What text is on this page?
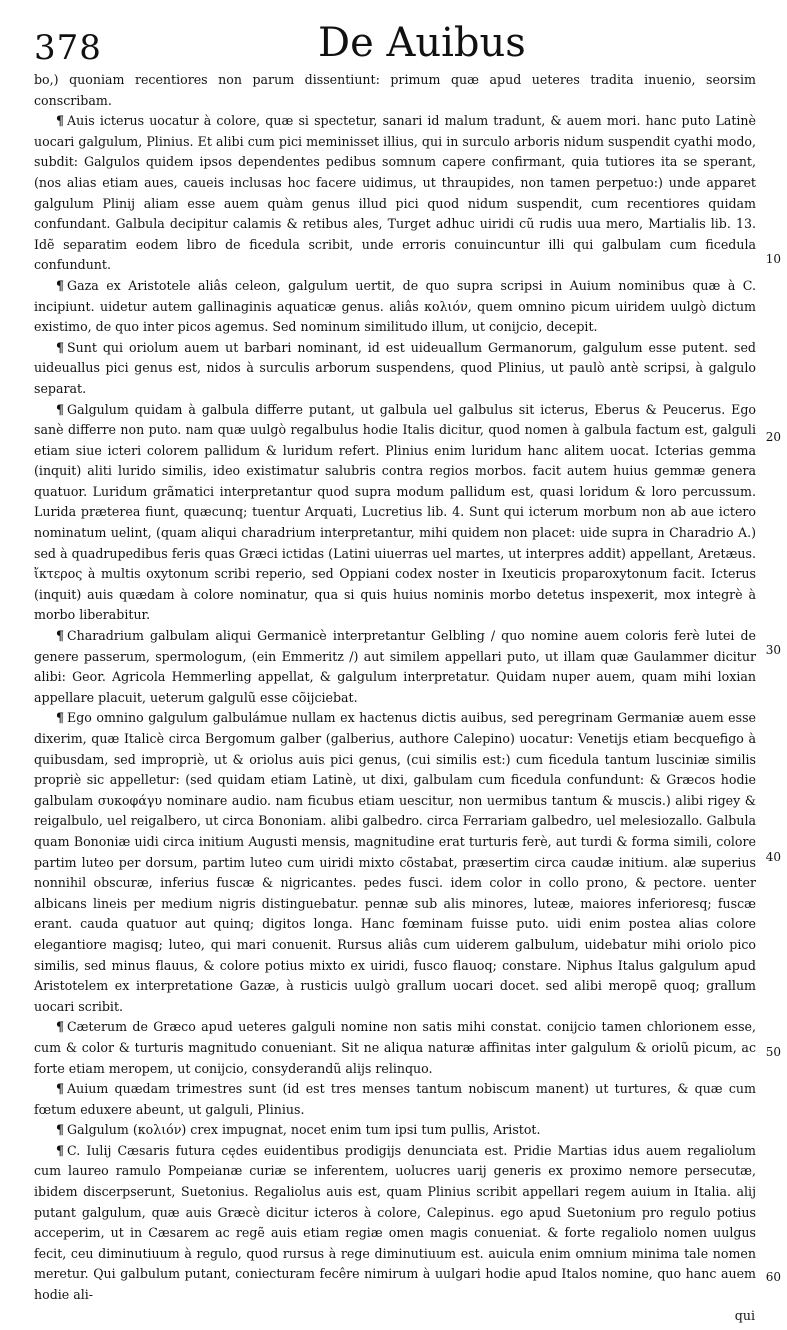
378	De Auibus

bo,) quoniam recentiores non parum dissentiunt: primum quæ apud ueteres tradita inuenio, seorsim conscribam.

¶ Auis icterus uocatur à colore, quæ si spectetur, sanari id malum tradunt, & auem mori. hanc puto Latinè uocari galgulum, Plinius. Et alibi cum pici meminisset illius, qui in surculo arboris nidum suspendit cyathi modo, subdit: Galgulos quidem ipsos dependentes pedibus somnum capere confirmant, quia tutiores ita se sperant, (nos alias etiam aues, caueis inclusas hoc facere uidimus, ut thraupides, non tamen perpetuo:) unde apparet galgulum Plinij aliam esse auem quàm genus illud pici quod nidum suspendit, cum recentiores quidam confundant. Galbula decipitur calamis & retibus ales, Turget adhuc uiridi cũ rudis uua mero, Martialis lib. 13. Idẽ separatim eodem libro de ficedula scribit, unde erroris conuincuntur illi qui galbulam cum ficedula confundunt.

¶ Gaza ex Aristotele aliâs celeon, galgulum uertit, de quo supra scripsi in Auium nominibus quæ à C. incipiunt. uidetur autem gallinaginis aquaticæ genus. aliâs κολιόν, quem omnino picum uiridem uulgò dictum existimo, de quo inter picos agemus. Sed nominum similitudo illum, ut conijcio, decepit.

¶ Sunt qui oriolum auem ut barbari nominant, id est uideuallum Germanorum, galgulum esse putent. sed uideuallus pici genus est, nidos à surculis arborum suspendens, quod Plinius, ut paulò antè scripsi, à galgulo separat.

¶ Galgulum quidam à galbula differre putant, ut galbula uel galbulus sit icterus, Eberus & Peucerus. Ego sanè differre non puto. nam quæ uulgò regalbulus hodie Italis dicitur, quod nomen à galbula factum est, galguli etiam siue icteri colorem pallidum & luridum refert. Plinius enim luridum hanc alitem uocat. Icterias gemma (inquit) aliti lurido similis, ideo existimatur salubris contra regios morbos. facit autem huius gemmæ genera quatuor. Luridum grãmatici interpretantur quod supra modum pallidum est, quasi loridum & loro percussum. Lurida præterea fiunt, quæcunq; tuentur Arquati, Lucretius lib. 4. Sunt qui icterum morbum non ab aue ictero nominatum uelint, (quam aliqui charadrium interpretantur, mihi quidem non placet: uide supra in Charadrio A.) sed à quadrupedibus feris quas Græci ictidas (Latini uiuerras uel martes, ut interpres addit) appellant, Aretæus. ἴκτερος à multis oxytonum scribi reperio, sed Oppiani codex noster in Ixeuticis proparoxytonum facit. Icterus (inquit) auis quædam à colore nominatur, qua si quis huius nominis morbo detetus inspexerit, mox integrè à morbo liberabitur.

¶ Charadrium galbulam aliqui Germanicè interpretantur Gelbling / quo nomine auem coloris ferè lutei de genere passerum, spermologum, (ein Emmeritz /) aut similem appellari puto, ut illam quæ Gaulammer dicitur alibi: Geor. Agricola Hemmerling appellat, & galgulum interpretatur. Quidam nuper auem, quam mihi loxian appellare placuit, ueterum galgulũ esse cõijciebat.

¶ Ego omnino galgulum galbulámue nullam ex hactenus dictis auibus, sed peregrinam Germaniæ auem esse dixerim, quæ Italicè circa Bergomum galber (galberius, authore Calepino) uocatur: Venetijs etiam becquefigo à quibusdam, sed impropriè, ut & oriolus auis pici genus, (cui similis est:) cum ficedula tantum lusciniæ similis propriè sic appelletur: (sed quidam etiam Latinè, ut dixi, galbulam cum ficedula confundunt: & Græcos hodie galbulam συκοφάγυ nominare audio. nam ficubus etiam uescitur, non uermibus tantum & muscis.) alibi rigey & reigalbulo, uel reigalbero, ut circa Bononiam. alibi galbedro. circa Ferrariam galbedro, uel melesiozallo. Galbula quam Bononiæ uidi circa initium Augusti mensis, magnitudine erat turturis ferè, aut turdi & forma simili, colore partim luteo per dorsum, partim luteo cum uiridi mixto cõstabat, præsertim circa caudæ initium. alæ superius nonnihil obscuræ, inferius fuscæ & nigricantes. pedes fusci. idem color in collo prono, & pectore. uenter albicans lineis per medium nigris distinguebatur. pennæ sub alis minores, luteæ, maiores inferioresq; fuscæ erant. cauda quatuor aut quinq; digitos longa. Hanc fœminam fuisse puto. uidi enim postea alias colore elegantiore magisq; luteo, qui mari conuenit. Rursus aliâs cum uiderem galbulum, uidebatur mihi oriolo pico similis, sed minus flauus, & colore potius mixto ex uiridi, fusco flauoq; constare. Niphus Italus galgulum apud Aristotelem ex interpretatione Gazæ, à rusticis uulgò grallum uocari docet. sed alibi meropẽ quoq; grallum uocari scribit.

¶ Cæterum de Græco apud ueteres galguli nomine non satis mihi constat. conijcio tamen chlorionem esse, cum & color & turturis magnitudo conueniant. Sit ne aliqua naturæ affinitas inter galgulum & oriolũ picum, ac forte etiam meropem, ut conijcio, consyderandũ alijs relinquo.

¶ Auium quædam trimestres sunt (id est tres menses tantum nobiscum manent) ut turtures, & quæ cum fœtum eduxere abeunt, ut galguli, Plinius.

¶ Galgulum (κολιόν) crex impugnat, nocet enim tum ipsi tum pullis, Aristot.

¶ C. Iulij Cæsaris futura cędes euidentibus prodigijs denunciata est. Pridie Martias idus auem regaliolum cum laureo ramulo Pompeianæ curiæ se inferentem, uolucres uarij generis ex proximo nemore persecutæ, ibidem discerpserunt, Suetonius. Regaliolus auis est, quam Plinius scribit appellari regem auium in Italia. alij putant galgulum, quæ auis Græcè dicitur icteros à colore, Calepinus. ego apud Suetonium pro regulo potius acceperim, ut in Cæsarem ac regẽ auis etiam regiæ omen magis conueniat. & forte regaliolo nomen uulgus fecit, ceu diminutiuum à regulo, quod rursus à rege diminutiuum est. auicula enim omnium minima tale nomen meretur. Qui galbulum putant, coniecturam fecêre nimirum à uulgari hodie apud Italos nomine, quo hanc auem hodie ali-

10
20
30
40
50
60
qui
